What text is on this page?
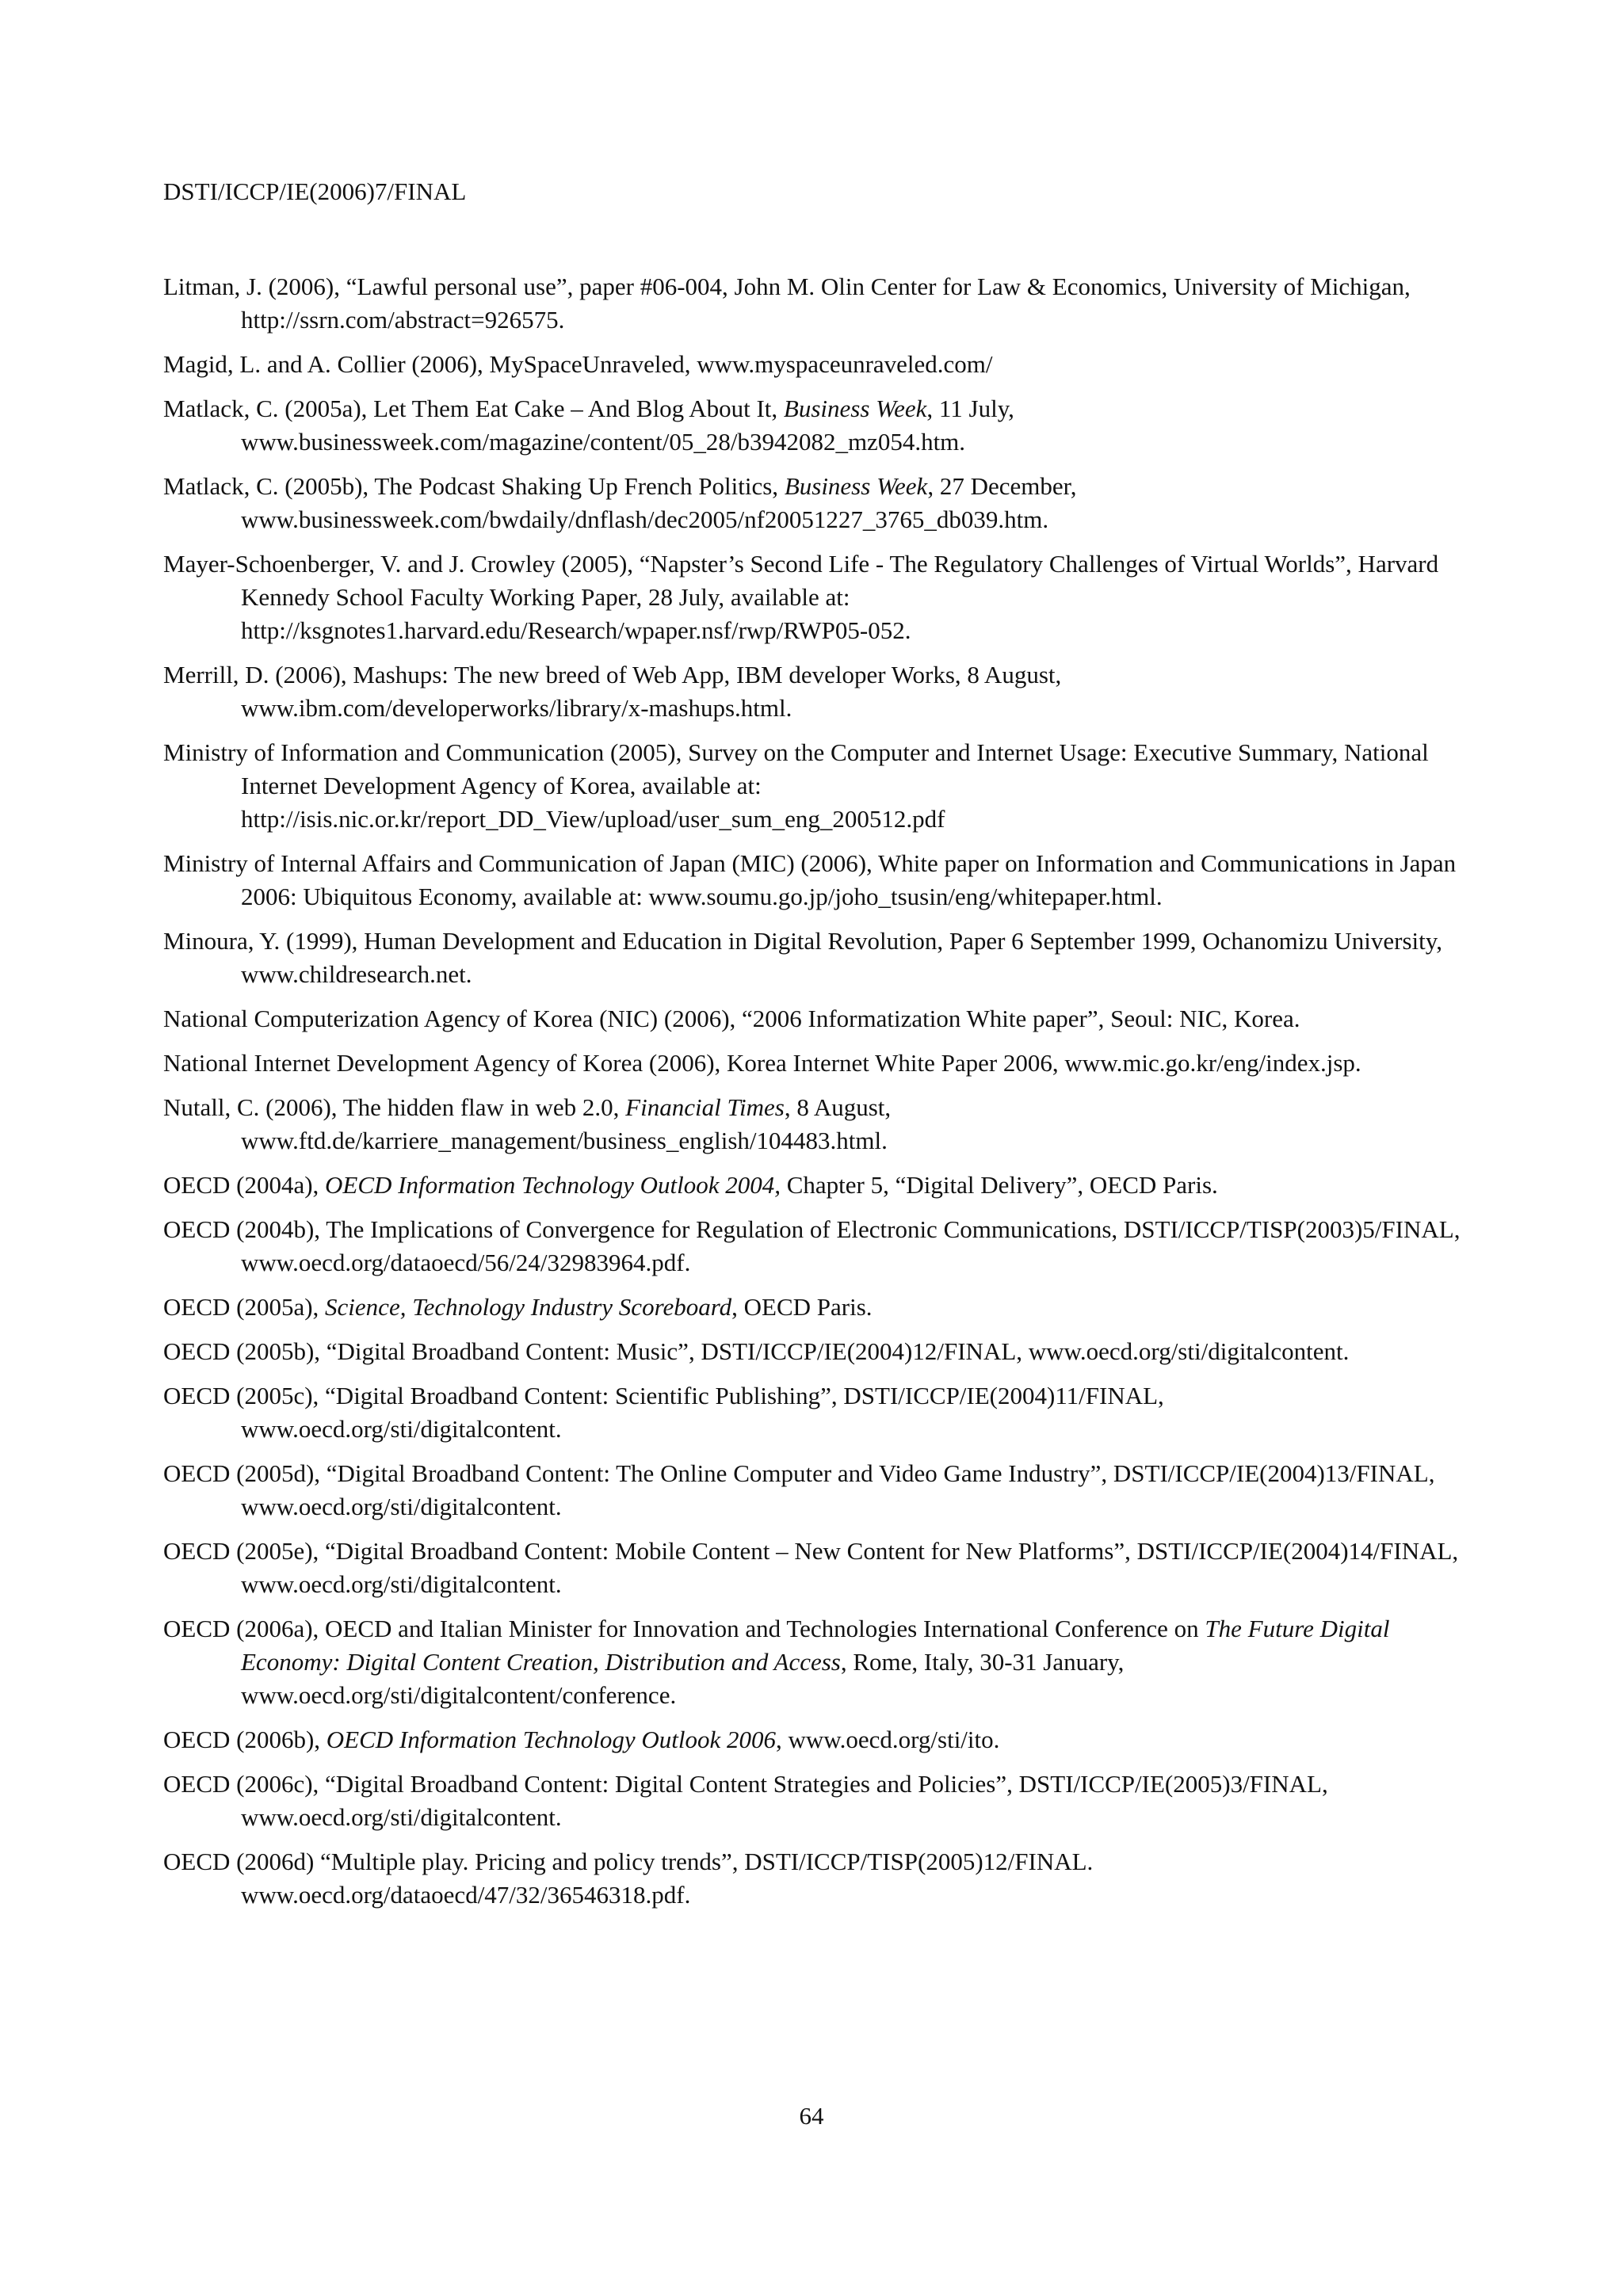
DSTI/ICCP/IE(2006)7/FINAL
Litman, J. (2006), “Lawful personal use”, paper #06-004, John M. Olin Center for Law & Economics, University of Michigan, http://ssrn.com/abstract=926575.
Magid, L. and A. Collier (2006), MySpaceUnraveled, www.myspaceunraveled.com/
Matlack, C. (2005a), Let Them Eat Cake – And Blog About It, Business Week, 11 July, www.businessweek.com/magazine/content/05_28/b3942082_mz054.htm.
Matlack, C. (2005b), The Podcast Shaking Up French Politics, Business Week, 27 December, www.businessweek.com/bwdaily/dnflash/dec2005/nf20051227_3765_db039.htm.
Mayer-Schoenberger, V. and J. Crowley (2005), “Napster’s Second Life - The Regulatory Challenges of Virtual Worlds”, Harvard Kennedy School Faculty Working Paper, 28 July, available at: http://ksgnotes1.harvard.edu/Research/wpaper.nsf/rwp/RWP05-052.
Merrill, D. (2006), Mashups: The new breed of Web App, IBM developer Works, 8 August, www.ibm.com/developerworks/library/x-mashups.html.
Ministry of Information and Communication (2005), Survey on the Computer and Internet Usage: Executive Summary, National Internet Development Agency of Korea, available at: http://isis.nic.or.kr/report_DD_View/upload/user_sum_eng_200512.pdf
Ministry of Internal Affairs and Communication of Japan (MIC) (2006), White paper on Information and Communications in Japan 2006: Ubiquitous Economy, available at: www.soumu.go.jp/joho_tsusin/eng/whitepaper.html.
Minoura, Y. (1999), Human Development and Education in Digital Revolution, Paper 6 September 1999, Ochanomizu University, www.childresearch.net.
National Computerization Agency of Korea (NIC) (2006), “2006 Informatization White paper”, Seoul: NIC, Korea.
National Internet Development Agency of Korea (2006), Korea Internet White Paper 2006, www.mic.go.kr/eng/index.jsp.
Nutall, C. (2006), The hidden flaw in web 2.0, Financial Times, 8 August, www.ftd.de/karriere_management/business_english/104483.html.
OECD (2004a), OECD Information Technology Outlook 2004, Chapter 5, “Digital Delivery”, OECD Paris.
OECD (2004b), The Implications of Convergence for Regulation of Electronic Communications, DSTI/ICCP/TISP(2003)5/FINAL, www.oecd.org/dataoecd/56/24/32983964.pdf.
OECD (2005a), Science, Technology Industry Scoreboard, OECD Paris.
OECD (2005b), “Digital Broadband Content: Music”, DSTI/ICCP/IE(2004)12/FINAL, www.oecd.org/sti/digitalcontent.
OECD (2005c), “Digital Broadband Content: Scientific Publishing”, DSTI/ICCP/IE(2004)11/FINAL, www.oecd.org/sti/digitalcontent.
OECD (2005d), “Digital Broadband Content: The Online Computer and Video Game Industry”, DSTI/ICCP/IE(2004)13/FINAL, www.oecd.org/sti/digitalcontent.
OECD (2005e), “Digital Broadband Content: Mobile Content – New Content for New Platforms”, DSTI/ICCP/IE(2004)14/FINAL, www.oecd.org/sti/digitalcontent.
OECD (2006a), OECD and Italian Minister for Innovation and Technologies International Conference on The Future Digital Economy: Digital Content Creation, Distribution and Access, Rome, Italy, 30-31 January, www.oecd.org/sti/digitalcontent/conference.
OECD (2006b), OECD Information Technology Outlook 2006, www.oecd.org/sti/ito.
OECD (2006c), “Digital Broadband Content: Digital Content Strategies and Policies”, DSTI/ICCP/IE(2005)3/FINAL, www.oecd.org/sti/digitalcontent.
OECD (2006d) “Multiple play. Pricing and policy trends”, DSTI/ICCP/TISP(2005)12/FINAL. www.oecd.org/dataoecd/47/32/36546318.pdf.
64
